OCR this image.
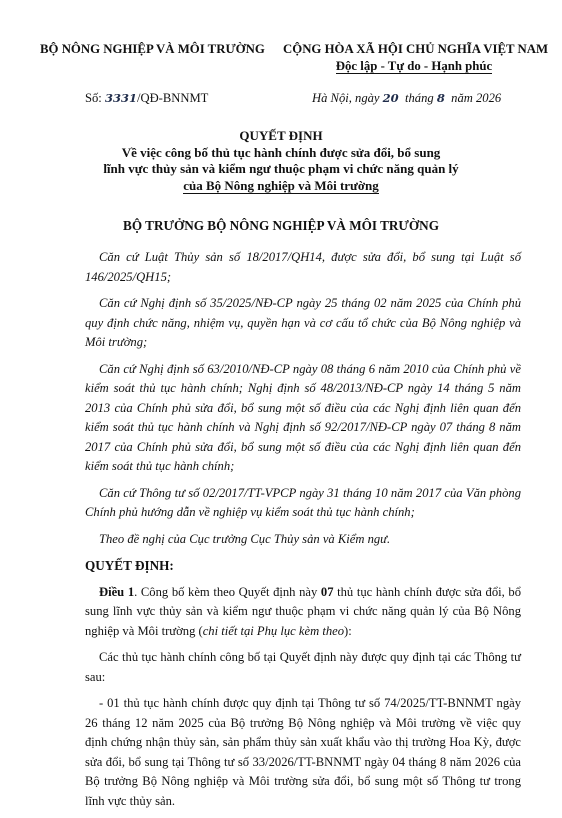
BỘ NÔNG NGHIỆP VÀ MÔI TRƯỜNG	CỘNG HÒA XÃ HỘI CHỦ NGHĨA VIỆT NAM
Độc lập - Tự do - Hạnh phúc
Số: 3331/QĐ-BNNMT	Hà Nội, ngày 20 tháng 8 năm 2026
QUYẾT ĐỊNH
Về việc công bố thủ tục hành chính được sửa đổi, bổ sung
lĩnh vực thủy sản và kiểm ngư thuộc phạm vi chức năng quản lý
của Bộ Nông nghiệp và Môi trường
BỘ TRƯỞNG BỘ NÔNG NGHIỆP VÀ MÔI TRƯỜNG

Căn cứ Luật Thủy sản số 18/2017/QH14, được sửa đổi, bổ sung tại Luật số 146/2025/QH15;

Căn cứ Nghị định số 35/2025/NĐ-CP ngày 25 tháng 02 năm 2025 của Chính phủ quy định chức năng, nhiệm vụ, quyền hạn và cơ cấu tổ chức của Bộ Nông nghiệp và Môi trường;

Căn cứ Nghị định số 63/2010/NĐ-CP ngày 08 tháng 6 năm 2010 của Chính phủ về kiểm soát thủ tục hành chính; Nghị định số 48/2013/NĐ-CP ngày 14 tháng 5 năm 2013 của Chính phủ sửa đổi, bổ sung một số điều của các Nghị định liên quan đến kiểm soát thủ tục hành chính và Nghị định số 92/2017/NĐ-CP ngày 07 tháng 8 năm 2017 của Chính phủ sửa đổi, bổ sung một số điều của các Nghị định liên quan đến kiểm soát thủ tục hành chính;

Căn cứ Thông tư số 02/2017/TT-VPCP ngày 31 tháng 10 năm 2017 của Văn phòng Chính phủ hướng dẫn về nghiệp vụ kiểm soát thủ tục hành chính;

Theo đề nghị của Cục trưởng Cục Thủy sản và Kiểm ngư.

QUYẾT ĐỊNH:

Điều 1. Công bố kèm theo Quyết định này 07 thủ tục hành chính được sửa đổi, bổ sung lĩnh vực thủy sản và kiểm ngư thuộc phạm vi chức năng quản lý của Bộ Nông nghiệp và Môi trường (chi tiết tại Phụ lục kèm theo):

Các thủ tục hành chính công bố tại Quyết định này được quy định tại các Thông tư sau:

- 01 thủ tục hành chính được quy định tại Thông tư số 74/2025/TT-BNNMT ngày 26 tháng 12 năm 2025 của Bộ trưởng Bộ Nông nghiệp và Môi trường về việc quy định chứng nhận thủy sản, sản phẩm thủy sản xuất khẩu vào thị trường Hoa Kỳ, được sửa đổi, bổ sung tại Thông tư số 33/2026/TT-BNNMT ngày 04 tháng 8 năm 2026 của Bộ trưởng Bộ Nông nghiệp và Môi trường sửa đổi, bổ sung một số Thông tư trong lĩnh vực thủy sản.
